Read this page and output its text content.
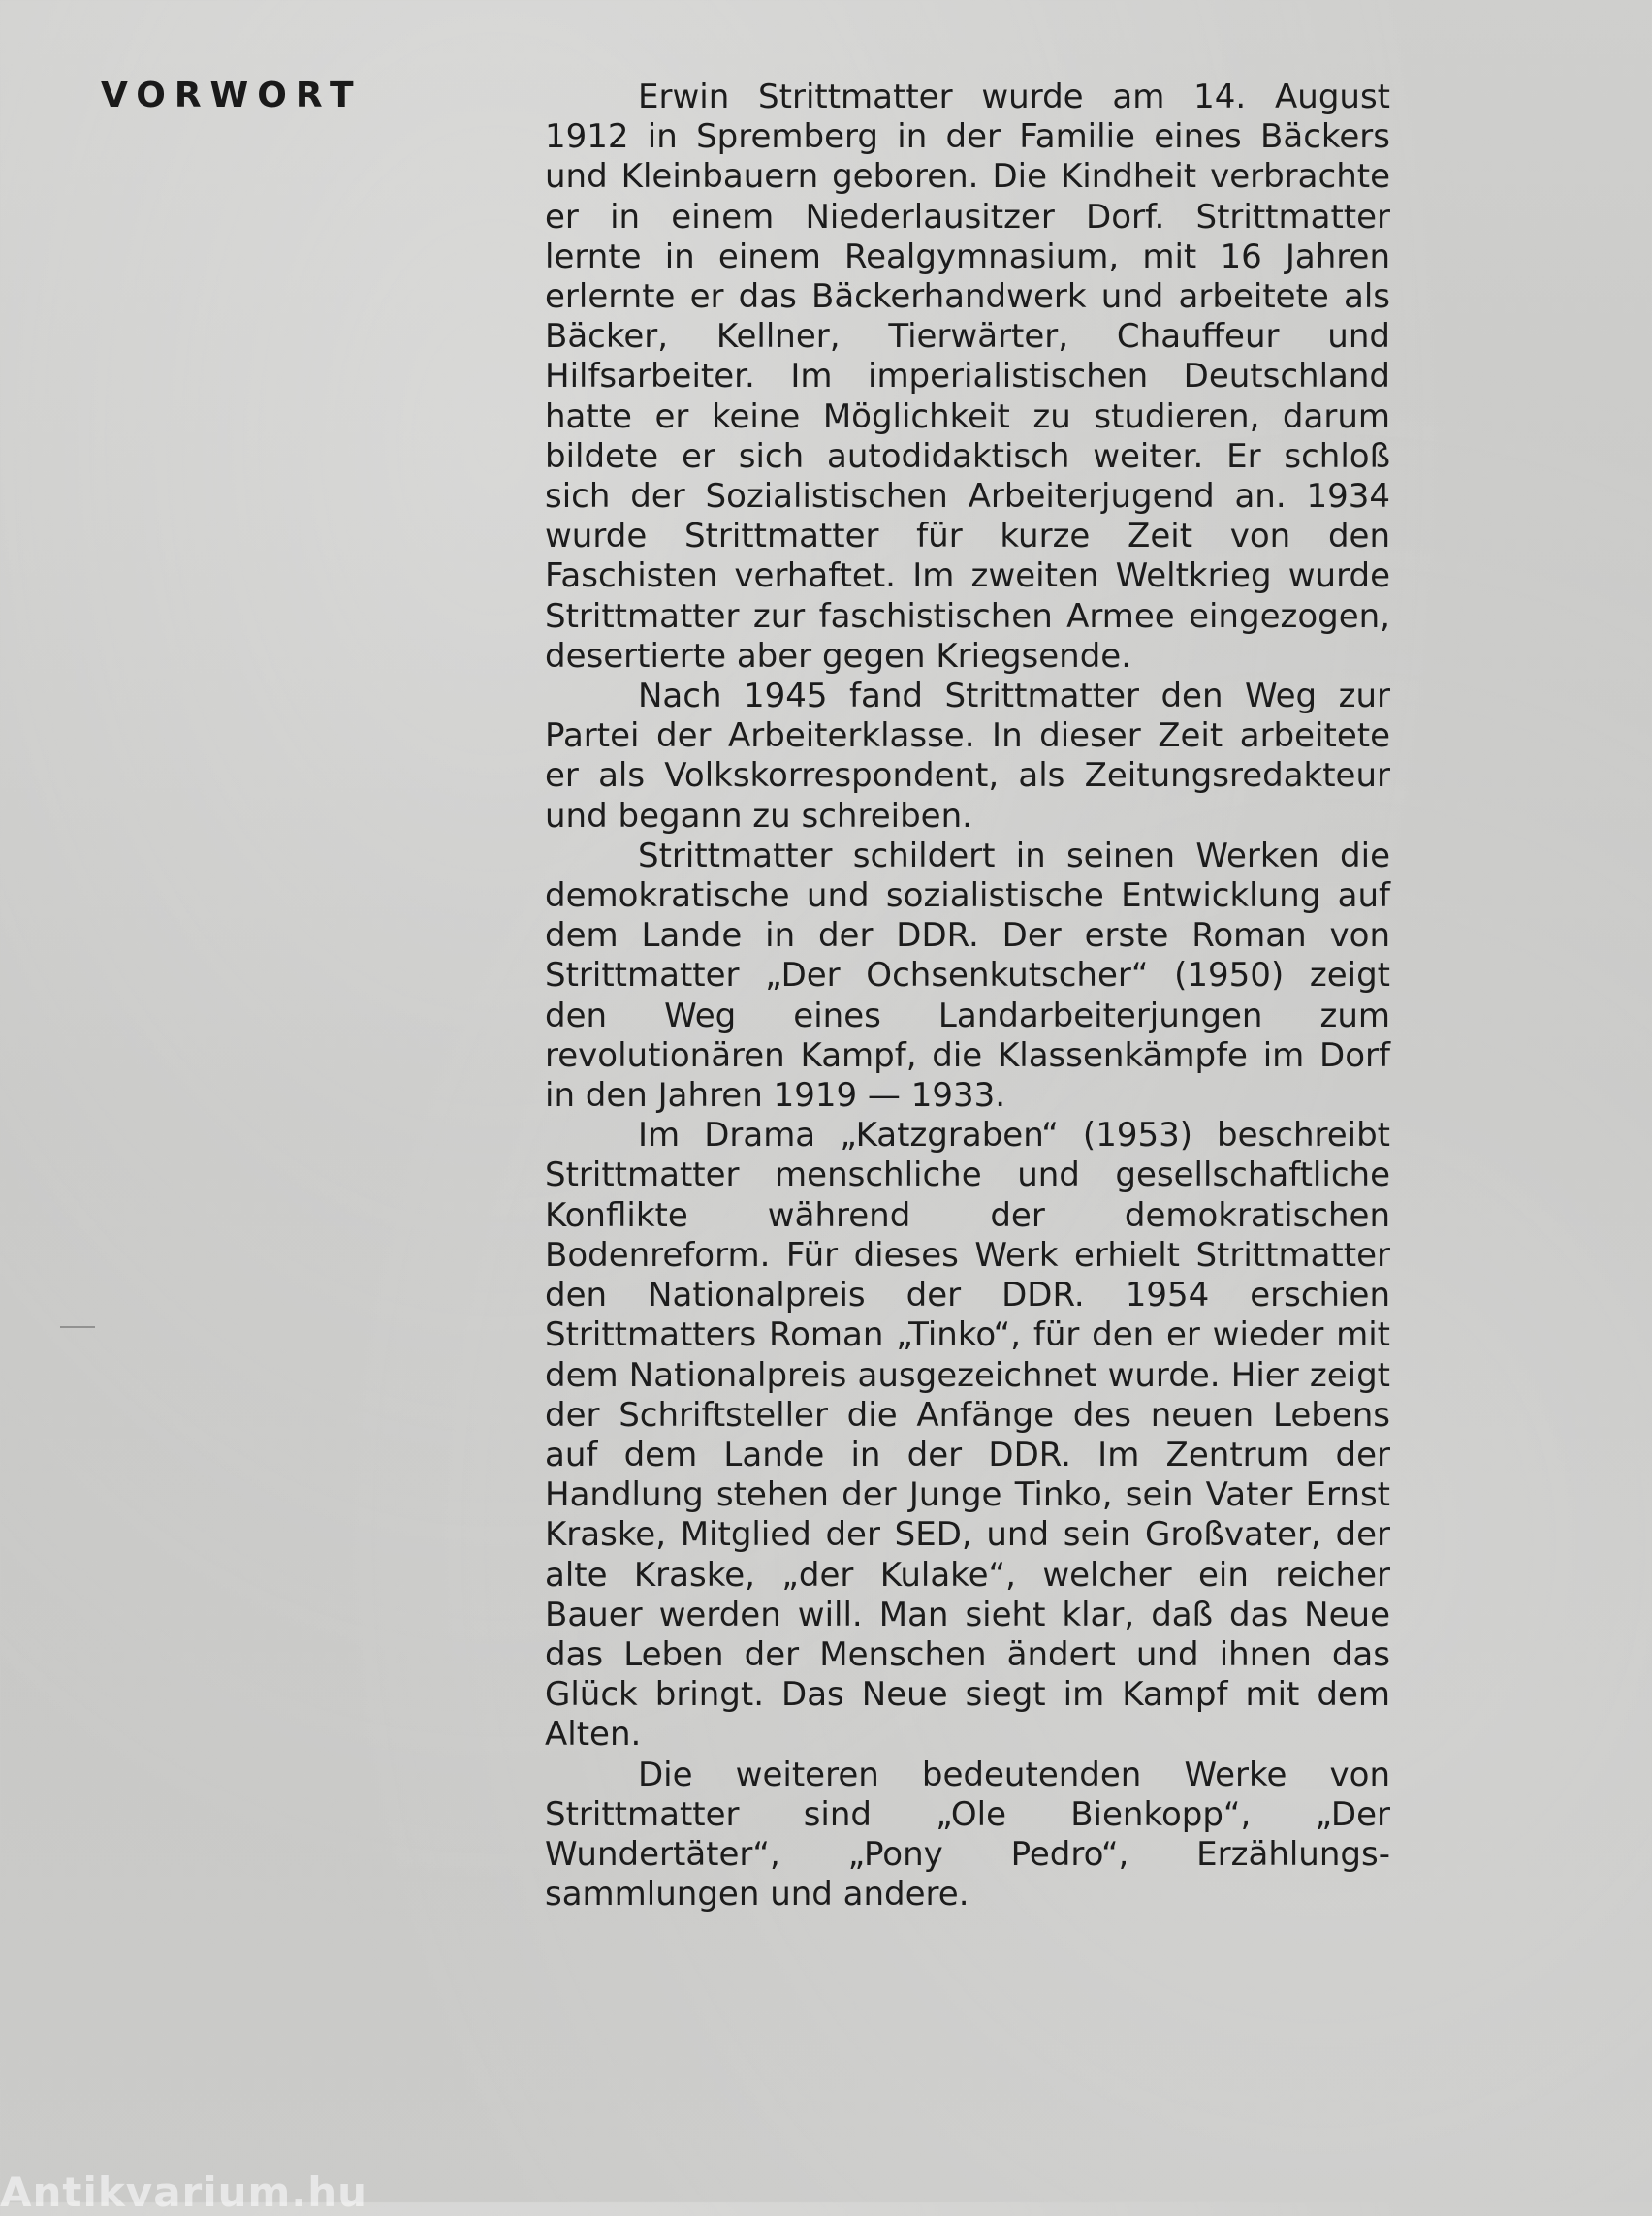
VORWORT	Erwin Strittmatter wurde am 14. August 1912 in Spremberg in der Familie eines Bäckers und Kleinbauern geboren. Die Kindheit verbrachte er in einem Niederlausitzer Dorf. Strittmatter lernte in einem Realgymnasium, mit 16 Jahren erlernte er das Bäckerhandwerk und arbeitete als Bäcker, Kellner, Tierwärter, Chauffeur und Hilfsarbeiter. Im imperialistischen Deutschland hatte er keine Möglichkeit zu studieren, darum bildete er sich autodidaktisch weiter. Er schloß sich der Sozialistischen Arbeiterjugend an. 1934 wurde Strittmatter für kurze Zeit von den Faschisten verhaftet. Im zweiten Weltkrieg wurde Strittmatter zur faschistischen Armee eingezogen, desertierte aber gegen Kriegsende.

Nach 1945 fand Strittmatter den Weg zur Partei der Arbeiterklasse. In dieser Zeit arbeitete er als Volkskorrespondent, als Zeitungsredakteur und begann zu schreiben.

Strittmatter schildert in seinen Werken die demokratische und sozialistische Entwicklung auf dem Lande in der DDR. Der erste Roman von Strittmatter „Der Ochsenkutscher“ (1950) zeigt den Weg eines Landarbeiterjungen zum revolutionären Kampf, die Klassenkämpfe im Dorf in den Jahren 1919 — 1933.

Im Drama „Katzgraben“ (1953) beschreibt Strittmatter menschliche und gesellschaftliche Konflikte während der demokratischen Bodenreform. Für dieses Werk erhielt Strittmatter den Nationalpreis der DDR. 1954 erschien Strittmatters Roman „Tinko“, für den er wieder mit dem Nationalpreis ausgezeichnet wurde. Hier zeigt der Schriftsteller die Anfänge des neuen Lebens auf dem Lande in der DDR. Im Zentrum der Handlung stehen der Junge Tinko, sein Vater Ernst Kraske, Mitglied der SED, und sein Großvater, der alte Kraske, „der Kulake“, welcher ein reicher Bauer werden will. Man sieht klar, daß das Neue das Leben der Menschen ändert und ihnen das Glück bringt. Das Neue siegt im Kampf mit dem Alten.

Die weiteren bedeutenden Werke von Strittmatter sind „Ole Bienkopp“, „Der Wundertäter“, „Pony Pedro“, Erzählungssammlungen und andere.

Antikvarium.hu
